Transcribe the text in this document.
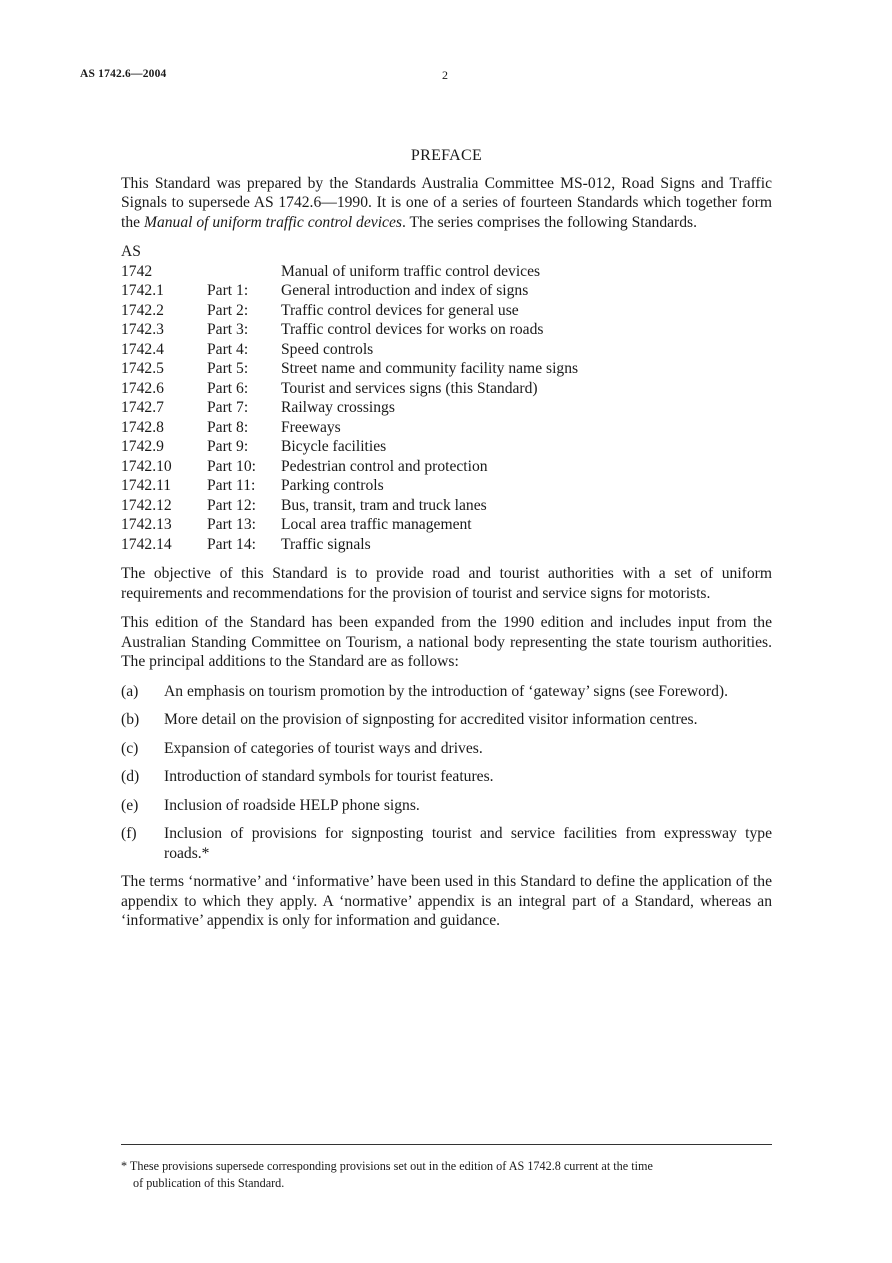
AS 1742.6—2004	2
PREFACE

This Standard was prepared by the Standards Australia Committee MS-012, Road Signs and Traffic Signals to supersede AS 1742.6—1990. It is one of a series of fourteen Standards which together form the Manual of uniform traffic control devices. The series comprises the following Standards.

AS
1742	Manual of uniform traffic control devices
1742.1	Part 1:	General introduction and index of signs
1742.2	Part 2:	Traffic control devices for general use
1742.3	Part 3:	Traffic control devices for works on roads
1742.4	Part 4:	Speed controls
1742.5	Part 5:	Street name and community facility name signs
1742.6	Part 6:	Tourist and services signs (this Standard)
1742.7	Part 7:	Railway crossings
1742.8	Part 8:	Freeways
1742.9	Part 9:	Bicycle facilities
1742.10	Part 10:	Pedestrian control and protection
1742.11	Part 11:	Parking controls
1742.12	Part 12:	Bus, transit, tram and truck lanes
1742.13	Part 13:	Local area traffic management
1742.14	Part 14:	Traffic signals

The objective of this Standard is to provide road and tourist authorities with a set of uniform requirements and recommendations for the provision of tourist and service signs for motorists.

This edition of the Standard has been expanded from the 1990 edition and includes input from the Australian Standing Committee on Tourism, a national body representing the state tourism authorities. The principal additions to the Standard are as follows:

(a)	An emphasis on tourism promotion by the introduction of ‘gateway’ signs (see Foreword).
(b)	More detail on the provision of signposting for accredited visitor information centres.
(c)	Expansion of categories of tourist ways and drives.
(d)	Introduction of standard symbols for tourist features.
(e)	Inclusion of roadside HELP phone signs.
(f)	Inclusion of provisions for signposting tourist and service facilities from expressway type roads.*

The terms ‘normative’ and ‘informative’ have been used in this Standard to define the application of the appendix to which they apply. A ‘normative’ appendix is an integral part of a Standard, whereas an ‘informative’ appendix is only for information and guidance.

* These provisions supersede corresponding provisions set out in the edition of AS 1742.8 current at the time
of publication of this Standard.
